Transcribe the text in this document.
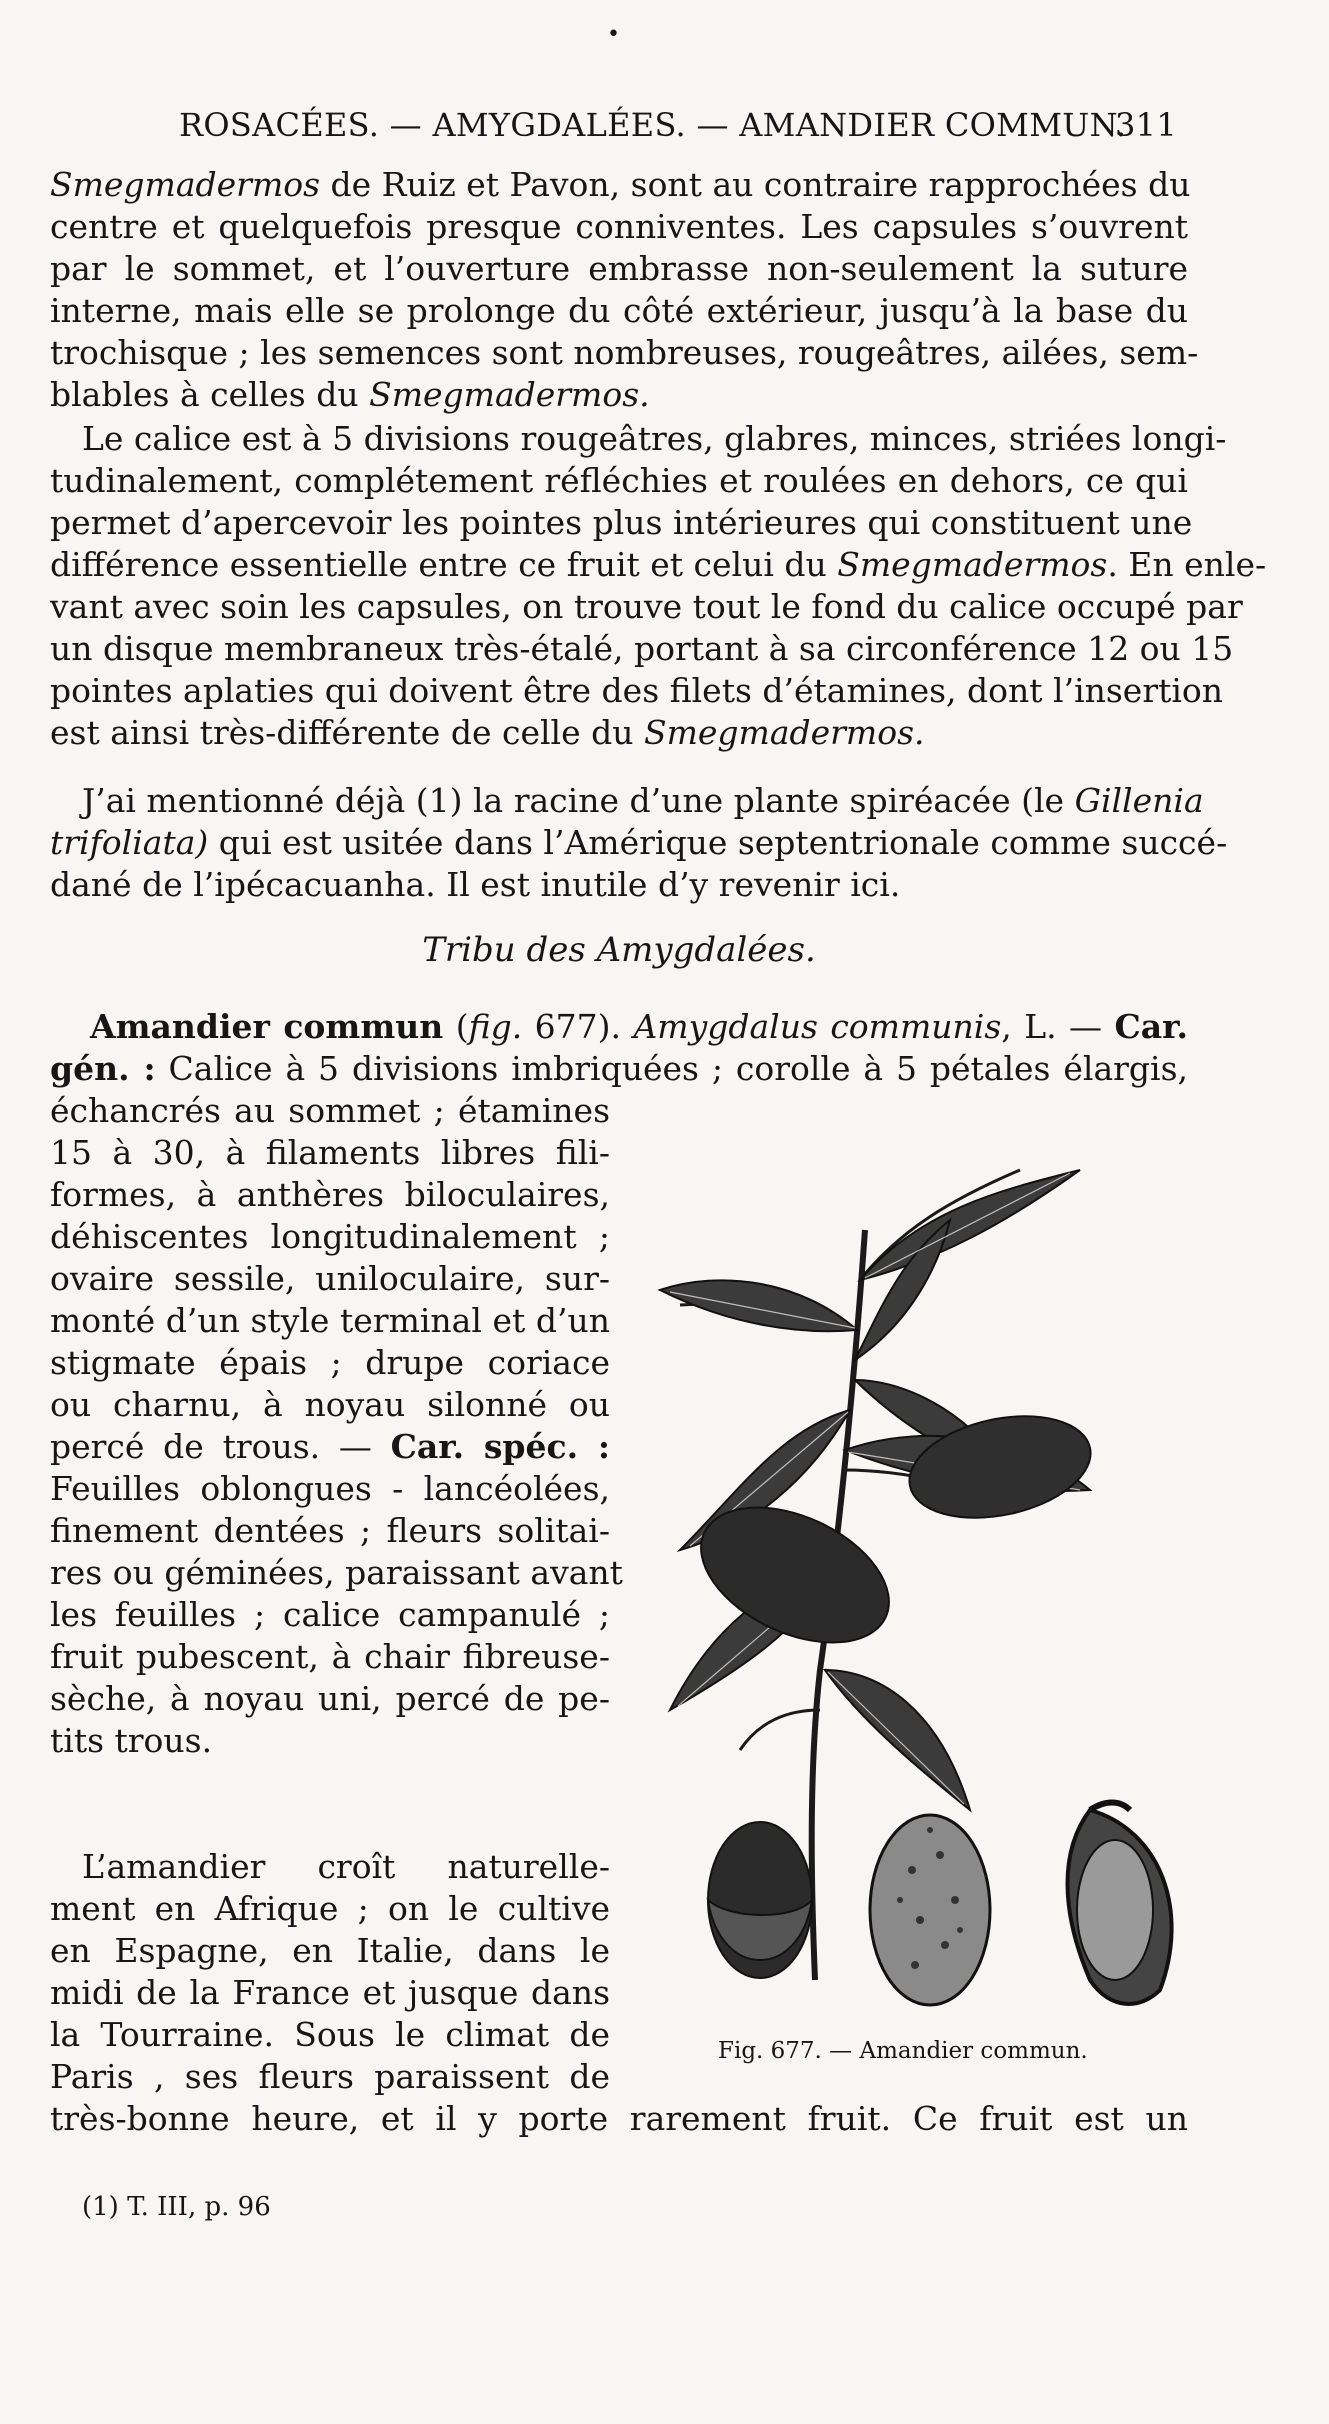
•
ROSACÉES. — AMYGDALÉES. — AMANDIER COMMUN.
311
Smegmadermos de Ruiz et Pavon, sont au contraire rapprochées du
centre et quelquefois presque conniventes. Les capsules s’ouvrent
par le sommet, et l’ouverture embrasse non-seulement la suture
interne, mais elle se prolonge du côté extérieur, jusqu’à la base du
trochisque ; les semences sont nombreuses, rougeâtres, ailées, sem-
blables à celles du Smegmadermos.
Le calice est à 5 divisions rougeâtres, glabres, minces, striées longi-
tudinalement, complétement réfléchies et roulées en dehors, ce qui
permet d’apercevoir les pointes plus intérieures qui constituent une
différence essentielle entre ce fruit et celui du Smegmadermos. En enle-
vant avec soin les capsules, on trouve tout le fond du calice occupé par
un disque membraneux très-étalé, portant à sa circonférence 12 ou 15
pointes aplaties qui doivent être des filets d’étamines, dont l’insertion
est ainsi très-différente de celle du Smegmadermos.
J’ai mentionné déjà (1) la racine d’une plante spiréacée (le Gillenia
trifoliata) qui est usitée dans l’Amérique septentrionale comme succé-
dané de l’ipécacuanha. Il est inutile d’y revenir ici.
Tribu des Amygdalées.
Amandier commun (fig. 677). Amygdalus communis, L. — Car.
gén. : Calice à 5 divisions imbriquées ; corolle à 5 pétales élargis,
échancrés au sommet ; étamines
15 à 30, à filaments libres fili-
formes, à anthères biloculaires,
déhiscentes longitudinalement ;
ovaire sessile, uniloculaire, sur-
monté d’un style terminal et d’un
stigmate épais ; drupe coriace
ou charnu, à noyau silonné ou
percé de trous. — Car. spéc. :
Feuilles oblongues - lancéolées,
finement dentées ; fleurs solitai-
res ou géminées, paraissant avant
les feuilles ; calice campanulé ;
fruit pubescent, à chair fibreuse-
sèche, à noyau uni, percé de pe-
tits trous.
L’amandier croît naturelle-
ment en Afrique ; on le cultive
en Espagne, en Italie, dans le
midi de la France et jusque dans
la Tourraine. Sous le climat de
Paris , ses fleurs paraissent de
très-bonne heure, et il y porte rarement fruit. Ce fruit est un
Fig. 677. — Amandier commun.
(1) T. III, p. 96
